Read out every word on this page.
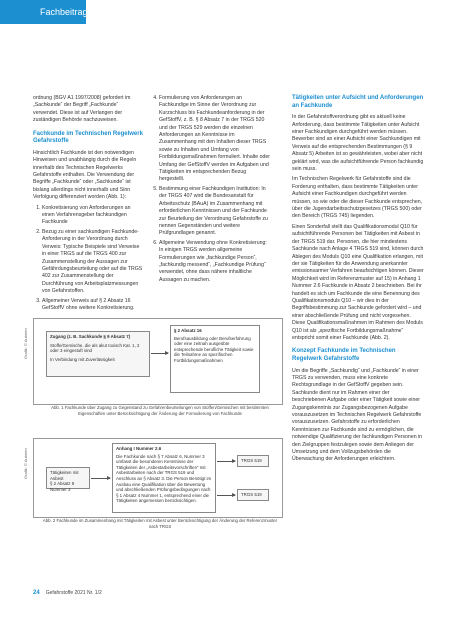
Fachbeitrag

ordnung (BGV A1 1997/2008) gefordert im „Sachkunde“ der Begriff „Fachkunde“ verwendet. Diese ist auf Verlangen der zuständigen Behörde nachzuweisen.

Fachkunde im Technischen Regelwerk Gefahrstoffe

Hinsichtlich Fachkunde ist den notwendigen Hinweisen und unabhängig durch die Regeln innerhalb des Technischen Regelwerks Gefahrstoffe enthalten. Die Verwendung der Begriffe „Fachkunde“ oder „Sachkunde“ ist bislang allerdings nicht innerhalb und Sinn Verfolgung differenziert worden (Abb. 1):

1. Konkretisierung von Anforderungen an einen Verfahrensgeber fachkundigen Fachkunde
2. Bezug zu einer sachkundigen Fachkunde-Anforderung in der Verordnung durch Verweis: Typische Beispiele sind Verweise in einer TRGS auf die TRGS 400 zur Zusammenstellung der Aussagen zur Gefährdungsbeurteilung oder auf die TRGS 402 zur Zusammenstellung der Durchführung von Arbeitsplatzmessungen von Gefahrstoffen.
3. Allgemeiner Verweis auf § 2 Absatz 16 GefStoffV ohne weitere Konkretisierung.
4. Formulierung von Anforderungen an Fachkundige im Sinne der Verordnung zur Kurzschluss bis Fachkundeanforderung in der GefStoffV, z. B. § 8 Absatz 7 in der TRGS 520 und der TRGS 529 werden die einzelnen Anforderungen an Kenntnisse im Zusammenhang mit den Inhalten dieser TRGS sowie zu Inhalten und Umfang von Fortbildungsmaßnahmen formuliert. Inhalte oder Umfang der GefStoffV werden im Aufgaben und Tätigkeiten im entsprechenden Bezug hergestellt.
5. Bestimmung einer Fachkundigen Institution: In der TRGS 407 wird die Bundesanstalt für Arbeitsschutz (BAuA) im Zusammenhang mit erforderlichen Kenntnissen und der Fachkunde zur Beurteilung der Verordnung Gefahrstoffe zu nennen Gegenständen und weitere Prüfgrundlagen genannt.
6. Allgemeine Verwendung ohne Konkretisierung: In einigen TRGS werden allgemeine Formulierungen wie „fachkundige Person“, „fachkundig messend“, „Fachkundige Prüfung“ verwendet, ohne dass nähere inhaltliche Aussagen zu machen.
Tätigkeiten unter Aufsicht und Anforderungen an Fachkunde

In der Gefahrstoffverordnung gibt es aktuell keine Anforderung, dass bestimmte Tätigkeiten unter Aufsicht einer Fachkundigen durchgeführt werden müssen. Bewerber sind an einer Aufsicht einer Sachkundigen mit Verweis auf die entsprechenden Bestimmungen (§ 9 Absatz 5) Arbeiten ist so gewährleisten, wobei aber nicht geklärt wird, was die aufsichtführende Person fachkundig sein muss.

Im Technischen Regelwerk für Gefahrstoffe sind die Forderung enthalten, dass bestimmte Tätigkeiten unter Aufsicht einer Fachkundigen durchgeführt werden müssen, so wie oder die dieser Fachkunde entsprechen, über die Jugendarbeitsschutzgesetzes (TRGS 500) oder den Bereich (TRGS 745) liegenden.

Einen Sonderfall stellt das Qualifikationsmodul Q10 für aufsichtführende Personen bei Tätigkeiten mit Asbest in der TRGS 519 dar. Personen, die hier mindestens Sachkunde nach Anlage 4 TRGS 519 sind, können durch Ablegen des Moduls Q10 eine Qualifikation erlangen, mit der sie Tätigkeiten für die Anwendung anerkannter emissionsarmer Verfahren beaufsichtigen können. Dieser Möglichkeit wird im Referenzmuster auf 15) in Anhang 1 Nummer 2.6 Fachkunde in Absatz 2 beschrieben. Bei ihr handelt es sich um Fachkunde die eine Benennung des Qualifikationsmoduls Q10 – wir dies in der Begriffsbestimmung zur Sachkunde gefordert wird – und einer abschließende Prüfung und nicht vorgesehen. Diese Qualifikationsmaßnahmen im Rahmen des Moduls Q10 ist als „spezifische Fortbildungsmaßnahme“ entspricht somit einer Fachkunde (Abb. 2).

Konzept Fachkunde im Technischen Regelwerk Gefahrstoffe

Um die Begriffe „Sachkundig“ und „Fachkunde“ in einer TRGS zu verwenden, muss eine konkrete Rechtsgrundlage in der GefStoffV gegeben sein. Sachkunde dient nur im Rahmen einer der beschriebenen Aufgabe oder einer Tätigkeit sowie einer Zugangskenntnis zur Zugangsbezogenen Aufgabe vorauszusetzen im Technischen Regelwerk Gefahrstoffe vorauszusetzen. Gefahrstoffe zu erforderlichen Kenntnissen zur Fachkunde sind zu ermöglichen, die notwendige Qualifizierung der fachkundigen Personen in den Zielgruppen festzulegen sowie dem Anliegen der Umsetzung und dem Vollzugsbehörden die Überwachung der Anforderungen erleichtern.

Grafik: © Autoren	Zugang (z. B. Sachkunde § 9 Absatz 7)
Stoffe/Gemische, die als akut toxisch Kat. 1, 2 oder 3 eingestuft sind
In Verbindung mit Zuverlässigkeit
§ 2 Absatz 16
Berufsausbildung oder Berufserfahrung oder eine zeitnah ausgeübte entsprechende berufliche Tätigkeit sowie die Teilnahme an spezifischen Fortbildungsmaßnahmen
Abb. 1 Fachkunde über Zugang zu Gegenstand zu Gefahrenbeurteilungen von Stoffen/Gemischen mit bestimmten Eigenschaften unter Berücksichtigung der Änderung der Formulierung von Fachkunde
Grafik: © Autoren	Tätigkeiten mit Asbest
§ 2 Absatz 9
Nummer 3
Anhang I Nummer 2.6
Die Fachkunde nach § 7 Absatz 6, Nummer 3 umfasst die besonderen Kenntnisse der Tätigkeiten der „Asbestarbeitsvorschriften“ mit Asbestarbeiten nach der TRGS 519 und Anschluss an § Absatz 3. Die Person Benötigt im Ausbau eine Qualifikation über die Bewertung und abschließenden Prüfungsbedingungen nach § 1 Absatz 4 Nummer 1, entsprechend einer die Tätigkeiten angemessen berücksichtigen.
TRGS 519
TRGS 519
Abb. 2 Fachkunde im Zusammenhang mit Tätigkeiten mit Asbest unter Berücksichtigung der Änderung der Referenzmuster nach TRGS
24 Gefahrstoffe 2021 Nr. 1/2
